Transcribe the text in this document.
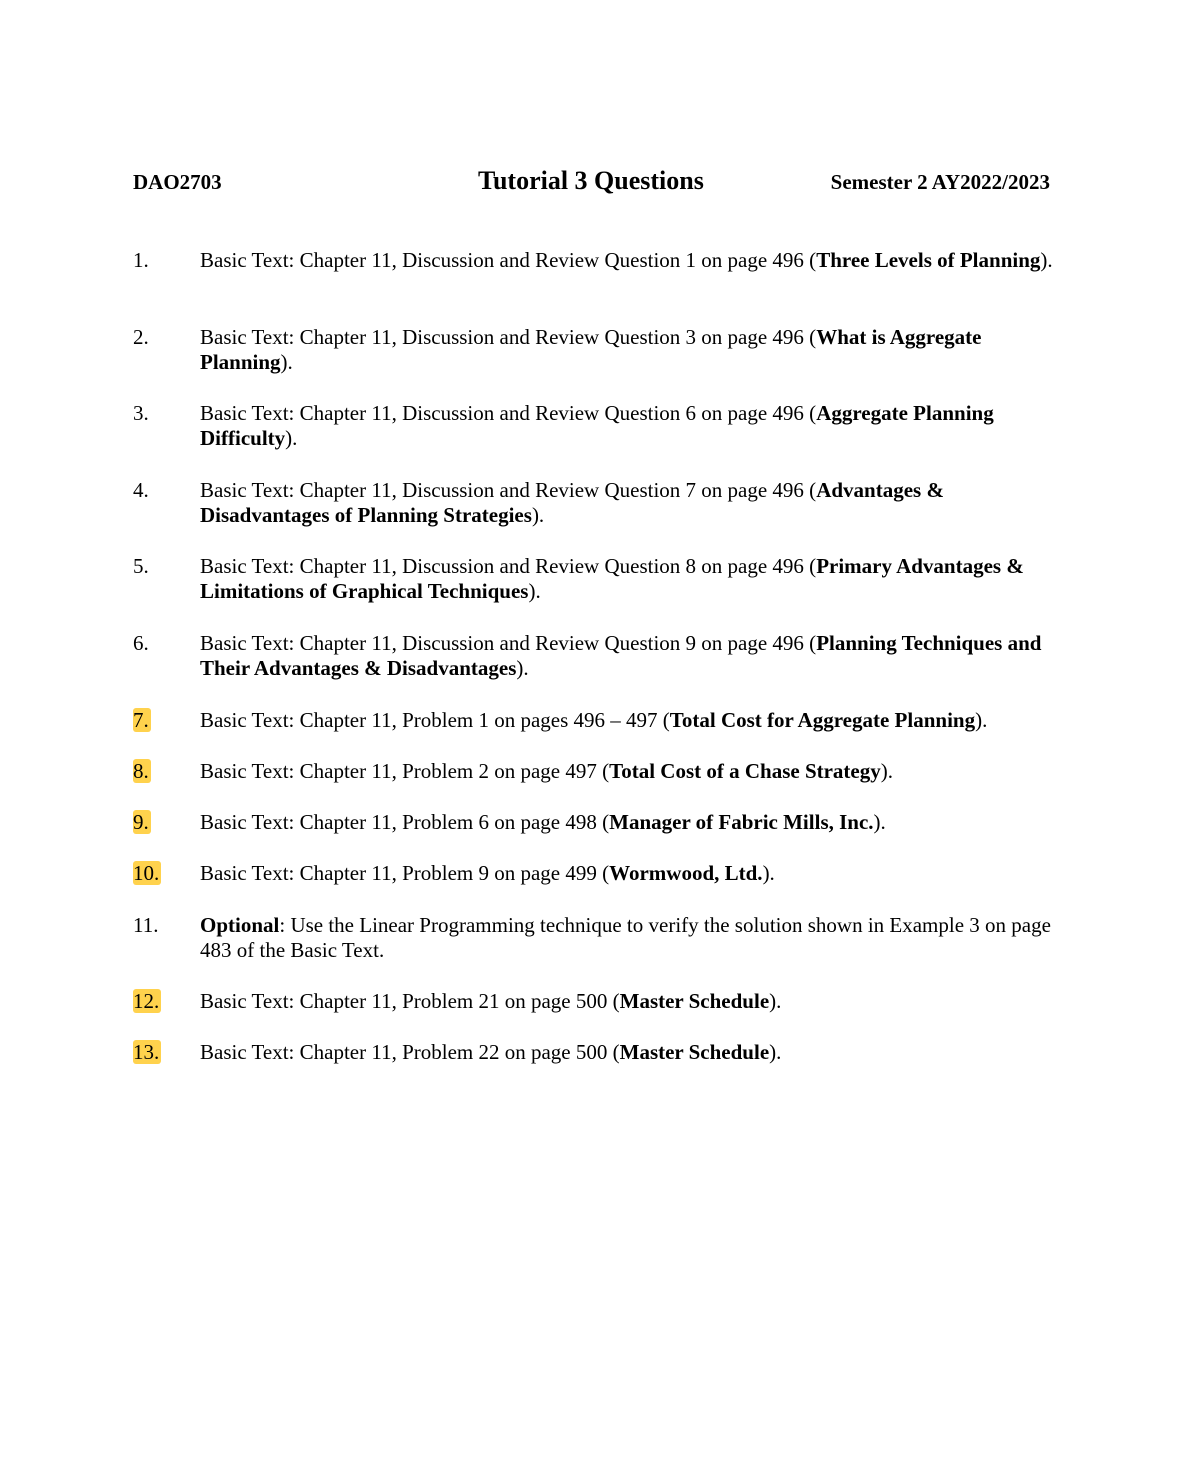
DAO2703	Tutorial 3 Questions	Semester 2 AY2022/2023
1.	Basic Text: Chapter 11, Discussion and Review Question 1 on page 496 (Three Levels of Planning).
2.	Basic Text: Chapter 11, Discussion and Review Question 3 on page 496 (What is Aggregate Planning).
3.	Basic Text: Chapter 11, Discussion and Review Question 6 on page 496 (Aggregate Planning Difficulty).
4.	Basic Text: Chapter 11, Discussion and Review Question 7 on page 496 (Advantages & Disadvantages of Planning Strategies).
5.	Basic Text: Chapter 11, Discussion and Review Question 8 on page 496 (Primary Advantages & Limitations of Graphical Techniques).
6.	Basic Text: Chapter 11, Discussion and Review Question 9 on page 496 (Planning Techniques and Their Advantages & Disadvantages).
7.	Basic Text: Chapter 11, Problem 1 on pages 496 – 497 (Total Cost for Aggregate Planning).
8.	Basic Text: Chapter 11, Problem 2 on page 497 (Total Cost of a Chase Strategy).
9.	Basic Text: Chapter 11, Problem 6 on page 498 (Manager of Fabric Mills, Inc.).
10.	Basic Text: Chapter 11, Problem 9 on page 499 (Wormwood, Ltd.).
11.	Optional: Use the Linear Programming technique to verify the solution shown in Example 3 on page 483 of the Basic Text.
12.	Basic Text: Chapter 11, Problem 21 on page 500 (Master Schedule).
13.	Basic Text: Chapter 11, Problem 22 on page 500 (Master Schedule).
